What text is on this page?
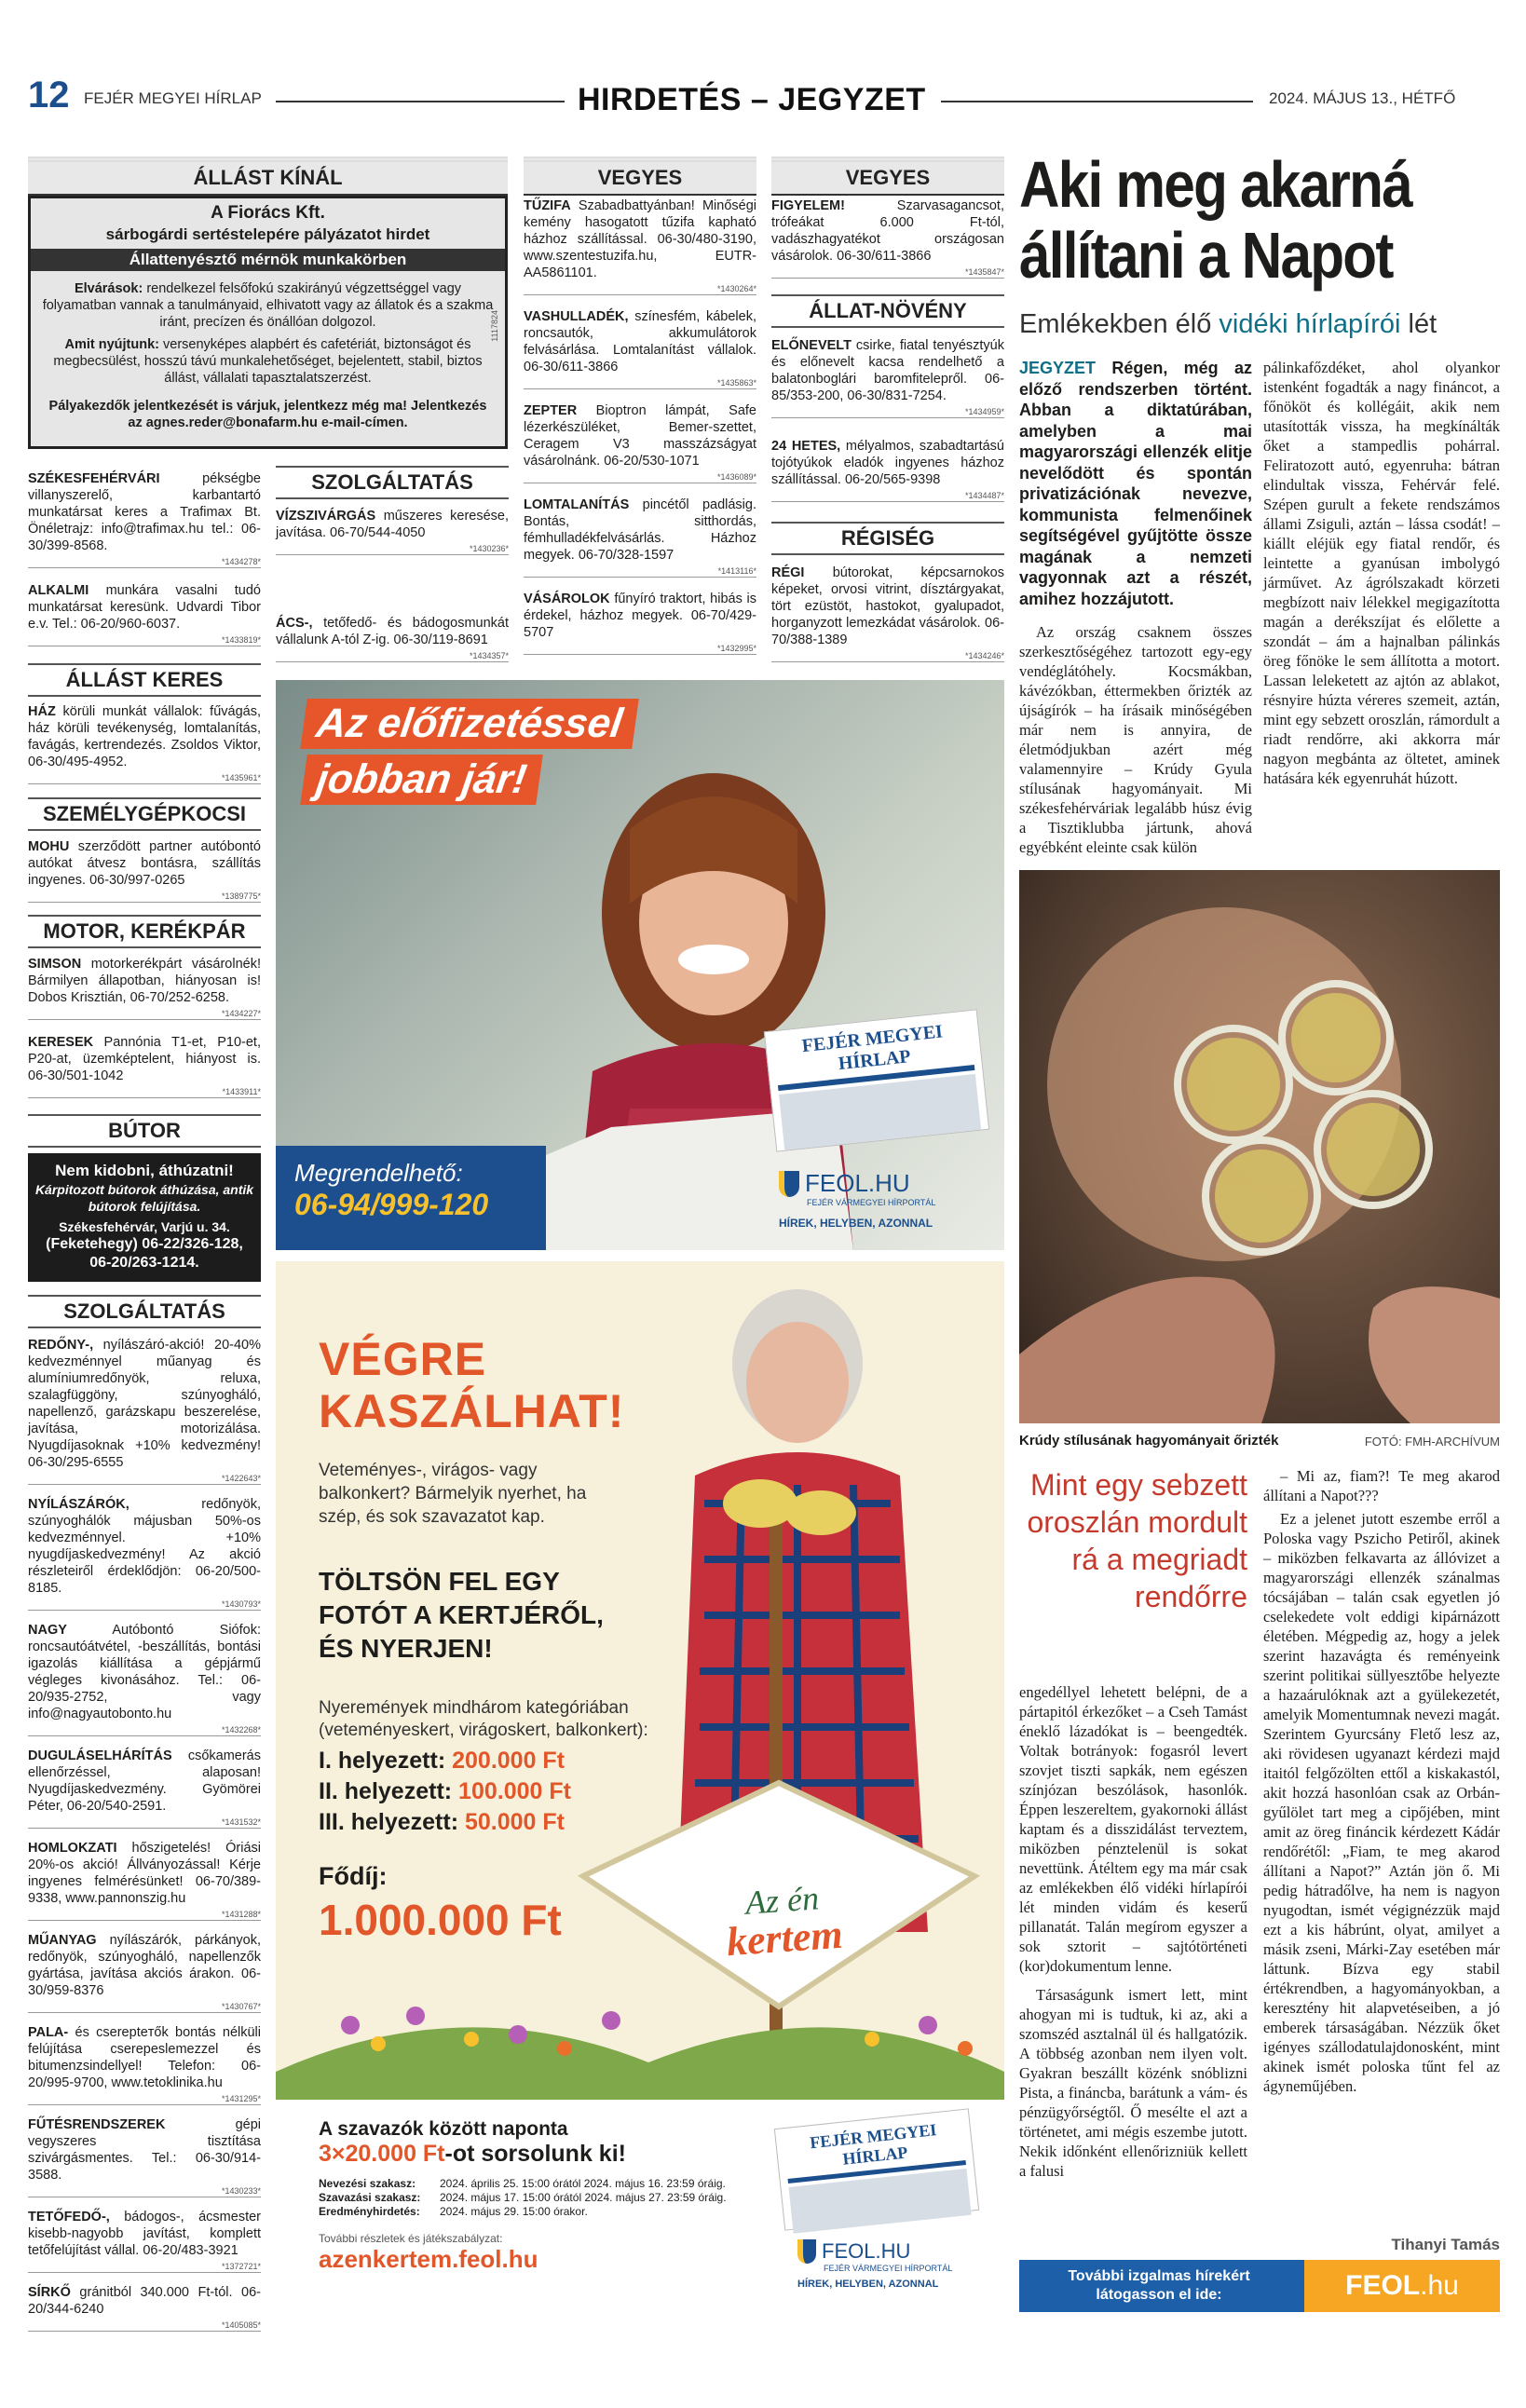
12 FEJÉR MEGYEI HÍRLAP	HIRDETÉS – JEGYZET	2024. MÁJUS 13., HÉTFŐ
ÁLLÁST KÍNÁL
A Fiorács Kft.
sárbogárdi sertéstelepére pályázatot hirdet
Állattenyésztő mérnök munkakörben
Elvárások: rendelkezel felsőfokú szakirányú végzettséggel vagy folyamatban vannak a tanulmányaid, elhivatott vagy az állatok és a szakma iránt, precízen és önállóan dolgozol.
Amit nyújtunk: versenyképes alapbért és cafetériát, biztonságot és megbecsülést, hosszú távú munkalehetőséget, bejelentett, stabil, biztos állást, vállalati tapasztalatszerzést.
Pályakezdők jelentkezését is várjuk, jelentkezz még ma! Jelentkezés az agnes.reder@bonafarm.hu e-mail-címen.
1117824
SZÉKESFEHÉRVÁRI pékségbe villanyszerelő, karbantartó munkatársat keres a Trafimax Bt. Önéletrajz: info@trafimax.hu tel.: 06-30/399-8568.
*1434278*
ALKALMI munkára vasalni tudó munkatársat keresünk. Udvardi Tibor e.v. Tel.: 06-20/960-6037.
*1433819*
ÁLLÁST KERES
HÁZ körüli munkát vállalok: fűvágás, ház körüli tevékenység, lomtalanítás, favágás, kertrendezés. Zsoldos Viktor, 06-30/495-4952.
*1435961*
SZEMÉLYGÉPKOCSI
MOHU szerződött partner autóbontó autókat átvesz bontásra, szállítás ingyenes. 06-30/997-0265
*1389775*
MOTOR, KERÉKPÁR
SIMSON motorkerékpárt vásárolnék! Bármilyen állapotban, hiányosan is! Dobos Krisztián, 06-70/252-6258.
*1434227*
KERESEK Pannónia T1-et, P10-et, P20-at, üzemképtelent, hiányost is. 06-30/501-1042
*1433911*
BÚTOR
Nem kidobni, áthúzatni!
Kárpitozott bútorok áthúzása, antik bútorok felújítása.
Székesfehérvár, Varjú u. 34.
(Feketehegy) 06-22/326-128, 06-20/263-1214.
SZOLGÁLTATÁS
REDŐNY-, nyílászáró-akció! 20-40% kedvezménnyel műanyag és alumíniumredőnyök, reluxa, szalagfüggöny, szúnyogháló, napellenző, garázskapu beszerelése, javítása, motorizálása. Nyugdíjasoknak +10% kedvezmény! 06-30/295-6555
*1422643*
NYÍLÁSZÁRÓK, redőnyök, szúnyoghálók májusban 50%-os kedvezménnyel. +10% nyugdíjaskedvezmény! Az akció részleteiről érdeklődjön: 06-20/500-8185.
*1430793*
NAGY Autóbontó Siófok: roncsautóátvétel, -beszállítás, bontási igazolás kiállítása a gépjármű végleges kivonásához. Tel.: 06-20/935-2752, vagy info@nagyautobonto.hu
*1432268*
DUGULÁSELHÁRÍTÁS csőkamerás ellenőrzéssel, alaposan! Nyugdíjaskedvezmény. Gyömörei Péter, 06-20/540-2591.
*1431532*
HOMLOKZATI hőszigetelés! Óriási 20%-os akció! Állványozással! Kérje ingyenes felmérésünket! 06-70/389-9338, www.pannonszig.hu
*1431288*
MŰANYAG nyílászárók, párkányok, redőnyök, szúnyogháló, napellenzők gyártása, javítása akciós árakon. 06-30/959-8376
*1430767*
PALA- és cserepteтők bontás nélküli felújítása cserepeslemezzel és bitumenzsindellyel! Telefon: 06-20/995-9700, www.tetoklinika.hu
*1431295*
FŰTÉSRENDSZEREK gépi vegyszeres tisztítása szivárgásmentes. Tel.: 06-30/914-3588.
*1430233*
TETŐFEDŐ-, bádogos-, ácsmester kisebb-nagyobb javítást, komplett tetőfelújítást vállal. 06-20/483-3921
*1372721*
SÍRKŐ gránitból 340.000 Ft-tól. 06-20/344-6240
*1405085*
SZOLGÁLTATÁS
VÍZSZIVÁRGÁS műszeres keresése, javítása. 06-70/544-4050
*1430236*
ÁCS-, tetőfedő- és bádogosmunkát vállalunk A-tól Z-ig. 06-30/119-8691
*1434357*
VEGYES
TŰZIFA Szabadbattyánban! Minőségi kemény hasogatott tűzifa kapható házhoz szállítással. 06-30/480-3190, www.szentestuzifa.hu, EUTR-AA5861101.
*1430264*
VASHULLADÉK, színesfém, kábelek, roncsautók, akkumulátorok felvásárlása. Lomtalanítást vállalok. 06-30/611-3866
*1435863*
ZEPTER Bioptron lámpát, Safe lézerkészüléket, Bemer-szettet, Ceragem V3 masszázságyat vásárolnánk. 06-20/530-1071
*1436089*
LOMTALANÍTÁS pincétől padlásig. Bontás, sitthordás, fémhulladékfelvásárlás. Házhoz megyek. 06-70/328-1597
*1413116*
VÁSÁROLOK fűnyíró traktort, hibás is érdekel, házhoz megyek. 06-70/429-5707
*1432995*
VEGYES
FIGYELEM! Szarvasagancsot, trófeákat 6.000 Ft-tól, vadászhagyatékot országosan vásárolok. 06-30/611-3866
*1435847*
ÁLLAT-NÖVÉNY
ELŐNEVELT csirke, fiatal tenyésztyúk és előnevelt kacsa rendelhető a balatonboglári baromfitelepről. 06-85/353-200, 06-30/831-7254.
*1434959*
24 HETES, mélyalmos, szabadtartású tojótyúkok eladók ingyenes házhoz szállítással. 06-20/565-9398
*1434487*
RÉGISÉG
RÉGI bútorokat, képcsarnokos képeket, orvosi vitrint, dísztárgyakat, tört ezüstöt, hastokot, gyalupadot, horganyzott lemezkádat vásárolok. 06-70/388-1389
*1434246*
Az előfizetéssel
jobban jár!
FEJÉR MEGYEI HÍRLAP
Megrendelhető:
06-94/999-120
FEOL.HU
FEJÉR VÁRMEGYEI HÍRPORTÁL
HÍREK, HELYBEN, AZONNAL
VÉGRE
KASZÁLHAT!
Veteményes-, virágos- vagy balkonkert? Bármelyik nyerhet, ha szép, és sok szavazatot kap.
TÖLTSÖN FEL EGY
FOTÓT A KERTJÉRŐL,
ÉS NYERJEN!
Nyeremények mindhárom kategóriában (veteményeskert, virágoskert, balkonkert):
I. helyezett: 200.000 Ft
II. helyezett: 100.000 Ft
III. helyezett: 50.000 Ft
Fődíj:
1.000.000 Ft	Az én
kertem
A szavazók között naponta
3×20.000 Ft-ot sorsolunk ki!
Nevezési szakasz: 2024. április 25. 15:00 órától 2024. május 16. 23:59 óráig.
Szavazási szakasz: 2024. május 17. 15:00 órától 2024. május 27. 23:59 óráig.
Eredményhirdetés: 2024. május 29. 15:00 órakor.
További részletek és játékszabályzat:
azenkertem.feol.hu
FEJÉR MEGYEI HÍRLAP
FEOL.HU
FEJÉR VÁRMEGYEI HÍRPORTÁL
HÍREK, HELYBEN, AZONNAL
Aki meg akarná
állítani a Napot
Emlékekben élő vidéki hírlapírói lét
JEGYZET Régen, még az előző rendszerben történt. Abban a diktatúrában, amelyben a mai magyarországi ellenzék elitje nevelődött és spontán privatizációnak nevezve, kommunista felmenőinek segítségével gyűjtötte össze magának a nemzeti vagyonnak azt a részét, amihez hozzájutott.

Az ország csaknem összes szerkesztőségéhez tartozott egy-egy vendéglátóhely. Kocsmákban, kávézókban, éttermekben őrizték az újságírók – ha írásaik minőségében már nem is annyira, de életmódjukban azért még valamennyire – Krúdy Gyula stílusának hagyományait. Mi székesfehérváriak legalább húsz évig a Tisztiklubba jártunk, ahová egyébként eleinte csak külön

pálinkafőzdéket, ahol olyankor istenként fogadták a nagy fináncot, a főnököt és kollégáit, akik nem utasították vissza, ha megkínálták őket a stampedlis pohárral. Feliratozott autó, egyenruha: bátran elindultak vissza, Fehérvár felé. Szépen gurult a fekete rendszámos állami Zsiguli, aztán – lássa csodát! – kiállt eléjük egy fiatal rendőr, és leintette a gyanúsan imbolygó járművet. Az ágrólszakadt körzeti megbízott naiv lélekkel megigazította magán a derékszíjat és előlette a szondát – ám a hajnalban pálinkás öreg főnöke le sem állította a motort. Lassan leleketett az ajtón az ablakot, résnyire húzta véreres szemeit, aztán, mint egy sebzett oroszlán, rámordult a riadt rendőrre, aki akkorra már nagyon megbánta az öltetet, aminek hatására kék egyenruhát húzott.
Krúdy stílusának hagyományait őrizték	FOTÓ: FMH-ARCHÍVUM
Mint egy sebzett oroszlán mordult rá a megriadt rendőrre
engedéllyel lehetett belépni, de a pártapitól érkezőket – a Cseh Tamást éneklő lázadókat is – beengedték. Voltak botrányok: fogasról levert szovjet tiszti sapkák, nem egészen színjózan beszólások, hasonlók. Éppen leszereltem, gyakornoki állást kaptam és a disszidálást terveztem, miközben pénztelenül is sokat nevettünk. Átéltem egy ma már csak az emlékekben élő vidéki hírlapírói lét minden vidám és keserű pillanatát. Talán megírom egyszer a sok sztorit – sajtótörténeti (kor)dokumentum lenne.

Társaságunk ismert lett, mint ahogyan mi is tudtuk, ki az, aki a szomszéd asztalnál ül és hallgatózik. A többség azonban nem ilyen volt. Gyakran beszállt közénk snóblizni Pista, a fináncba, barátunk a vám- és pénzügyőrségtől. Ő mesélte el azt a történetet, ami mégis eszembe jutott. Nekik időnként ellenőrizniük kellett a falusi

– Mi az, fiam?! Te meg akarod állítani a Napot???

Ez a jelenet jutott eszembe erről a Poloska vagy Pszicho Petiről, akinek – miközben felkavarta az állóvizet a magyarországi ellenzék szánalmas tócsájában – talán csak egyetlen jó cselekedete volt eddigi kipárnázott életében. Mégpedig az, hogy a jelek szerint hazavágta és reményeink szerint politikai süllyesztőbe helyezte a hazaárulóknak azt a gyülekezetét, amelyik Momentumnak nevezi magát. Szerintem Gyurcsány Flető lesz az, aki rövidesen ugyanazt kérdezi majd itaitól felgőzölten ettől a kiskakastól, akit hozzá hasonlóan csak az Orbán-gyűlölet tart meg a cipőjében, mint amit az öreg fináncik kérdezett Kádár rendőrétől: „Fiam, te meg akarod állítani a Napot?” Aztán jön ő. Mi pedig hátradőlve, ha nem is nagyon nyugodtan, ismét végignézzük majd ezt a kis hábrúnt, olyat, amilyet a másik zseni, Márki-Zay esetében már láttunk. Bízva egy stabil értékrendben, a hagyományokban, a keresztény hit alapvetéseiben, a jó emberek társaságában. Nézzük őket igényes szállodatulajdonosként, mint akinek ismét poloska tűnt fel az ágyneműjében.

Tihanyi Tamás
További izgalmas hírekért
látogasson el ide:	FEOL .hu
